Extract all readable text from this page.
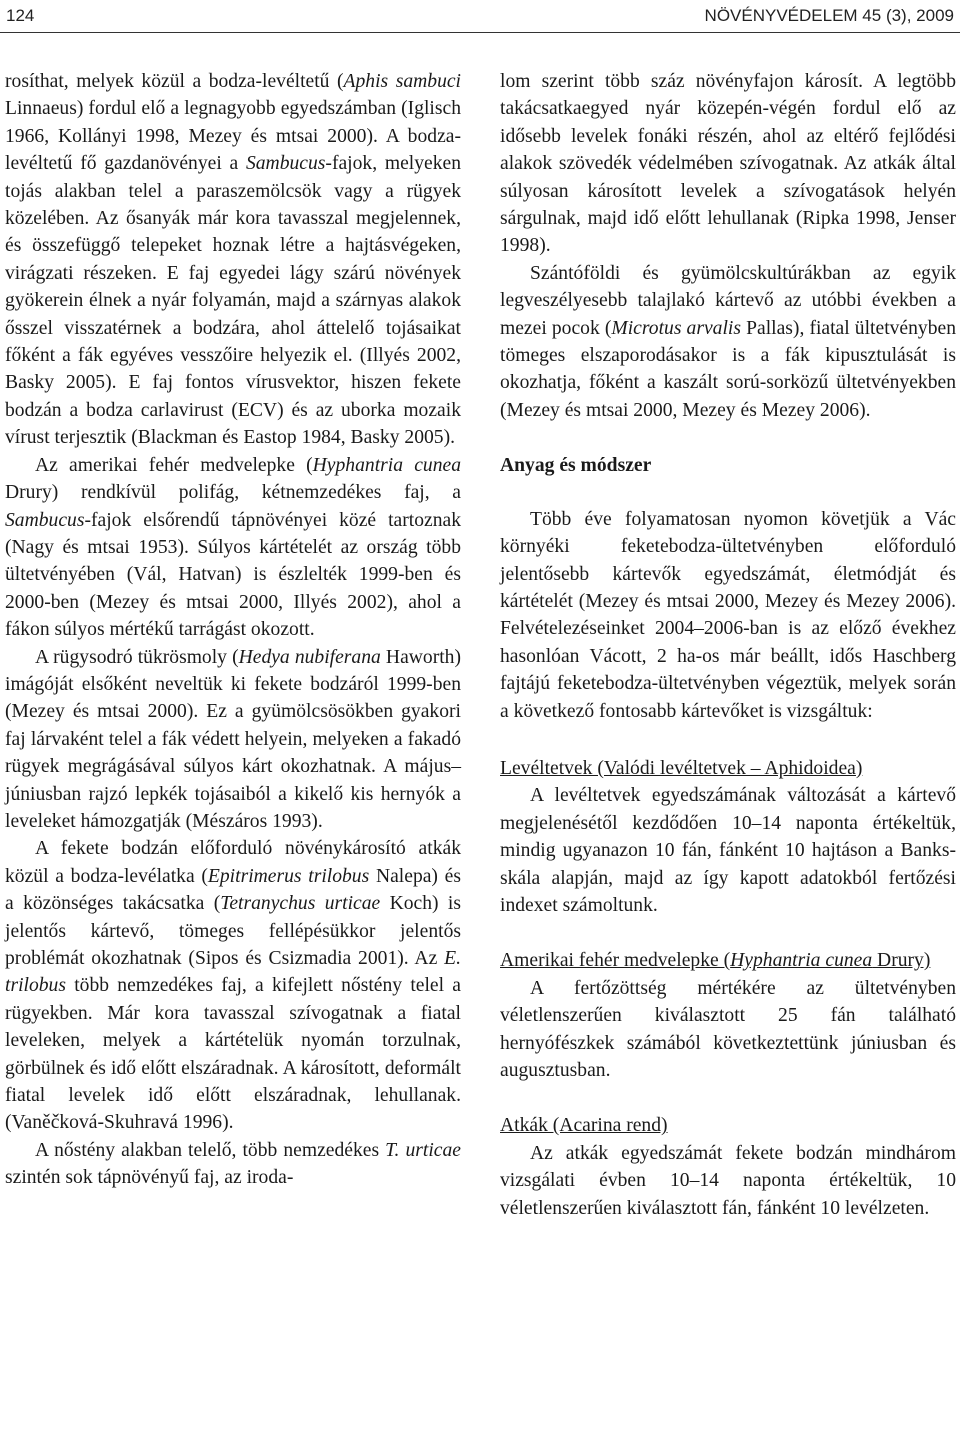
124	NÖVÉNYVÉDELEM 45 (3), 2009

rosíthat, melyek közül a bodza-levéltetű (Aphis sambuci Linnaeus) fordul elő a legnagyobb egyedszámban (Iglisch 1966, Kollányi 1998, Mezey és mtsai 2000). A bodza-levéltetű fő gazdanövényei a Sambucus-fajok, melyeken tojás alakban telel a paraszemölcsök vagy a rügyek közelében. Az ősanyák már kora tavasszal megjelennek, és összefüggő telepeket hoznak létre a hajtásvégeken, virágzati részeken. E faj egyedei lágy szárú növények gyökerein élnek a nyár folyamán, majd a szárnyas alakok ősszel visszatérnek a bodzára, ahol áttelelő tojásaikat főként a fák egyéves vesszőire helyezik el. (Illyés 2002, Basky 2005). E faj fontos vírusvektor, hiszen fekete bodzán a bodza carlavirust (ECV) és az uborka mozaik vírust terjesztik (Blackman és Eastop 1984, Basky 2005).

Az amerikai fehér medvelepke (Hyphantria cunea Drury) rendkívül polifág, kétnemzedékes faj, a Sambucus-fajok elsőrendű tápnövényei közé tartoznak (Nagy és mtsai 1953). Súlyos kártételét az ország több ültetvényében (Vál, Hatvan) is észlelték 1999-ben és 2000-ben (Mezey és mtsai 2000, Illyés 2002), ahol a fákon súlyos mértékű tarrágást okozott.

A rügysodró tükrösmoly (Hedya nubiferana Haworth) imágóját elsőként neveltük ki fekete bodzáról 1999-ben (Mezey és mtsai 2000). Ez a gyümölcsösökben gyakori faj lárvaként telel a fák védett helyein, melyeken a fakadó rügyek megrágásával súlyos kárt okozhatnak. A május–júniusban rajzó lepkék tojásaiból a kikelő kis hernyók a leveleket hámozgatják (Mészáros 1993).

A fekete bodzán előforduló növénykárosító atkák közül a bodza-levélatka (Epitrimerus trilobus Nalepa) és a közönséges takácsatka (Tetranychus urticae Koch) is jelentős kártevő, tömeges fellépésükkor jelentős problémát okozhatnak (Sipos és Csizmadia 2001). Az E. trilobus több nemzedékes faj, a kifejlett nőstény telel a rügyekben. Már kora tavasszal szívogatnak a fiatal leveleken, melyek a kártételük nyomán torzulnak, görbülnek és idő előtt elszáradnak. A károsított, deformált fiatal levelek idő előtt elszáradnak, lehullanak. (Vaněčková-Skuhravá 1996).

A nőstény alakban telelő, több nemzedékes T. urticae szintén sok tápnövényű faj, az iroda-

lom szerint több száz növényfajon károsít. A legtöbb takácsatkaegyed nyár közepén-végén fordul elő az idősebb levelek fonáki részén, ahol az eltérő fejlődési alakok szövedék védelmében szívogatnak. Az atkák által súlyosan károsított levelek a szívogatások helyén sárgulnak, majd idő előtt lehullanak (Ripka 1998, Jenser 1998).

Szántóföldi és gyümölcskultúrákban az egyik legveszélyesebb talajlakó kártevő az utóbbi években a mezei pocok (Microtus arvalis Pallas), fiatal ültetvényben tömeges elszaporodásakor is a fák kipusztulását is okozhatja, főként a kaszált sorú-sorközű ültetvényekben (Mezey és mtsai 2000, Mezey és Mezey 2006).

Anyag és módszer

Több éve folyamatosan nyomon követjük a Vác környéki feketebodza-ültetvényben előforduló jelentősebb kártevők egyedszámát, életmódját és kártételét (Mezey és mtsai 2000, Mezey és Mezey 2006). Felvételezéseinket 2004–2006-ban is az előző évekhez hasonlóan Vácott, 2 ha-os már beállt, idős Haschberg fajtájú feketebodza-ültetvényben végeztük, melyek során a következő fontosabb kártevőket is vizsgáltuk:

Levéltetvek (Valódi levéltetvek – Aphidoidea)

A levéltetvek egyedszámának változását a kártevő megjelenésétől kezdődően 10–14 naponta értékeltük, mindig ugyanazon 10 fán, fánként 10 hajtáson a Banks-skála alapján, majd az így kapott adatokból fertőzési indexet számoltunk.

Amerikai fehér medvelepke (Hyphantria cunea Drury)

A fertőzöttség mértékére az ültetvényben véletlenszerűen kiválasztott 25 fán található hernyófészkek számából következtettünk júniusban és augusztusban.

Atkák (Acarina rend)

Az atkák egyedszámát fekete bodzán mindhárom vizsgálati évben 10–14 naponta értékeltük, 10 véletlenszerűen kiválasztott fán, fánként 10 levélzeten.
